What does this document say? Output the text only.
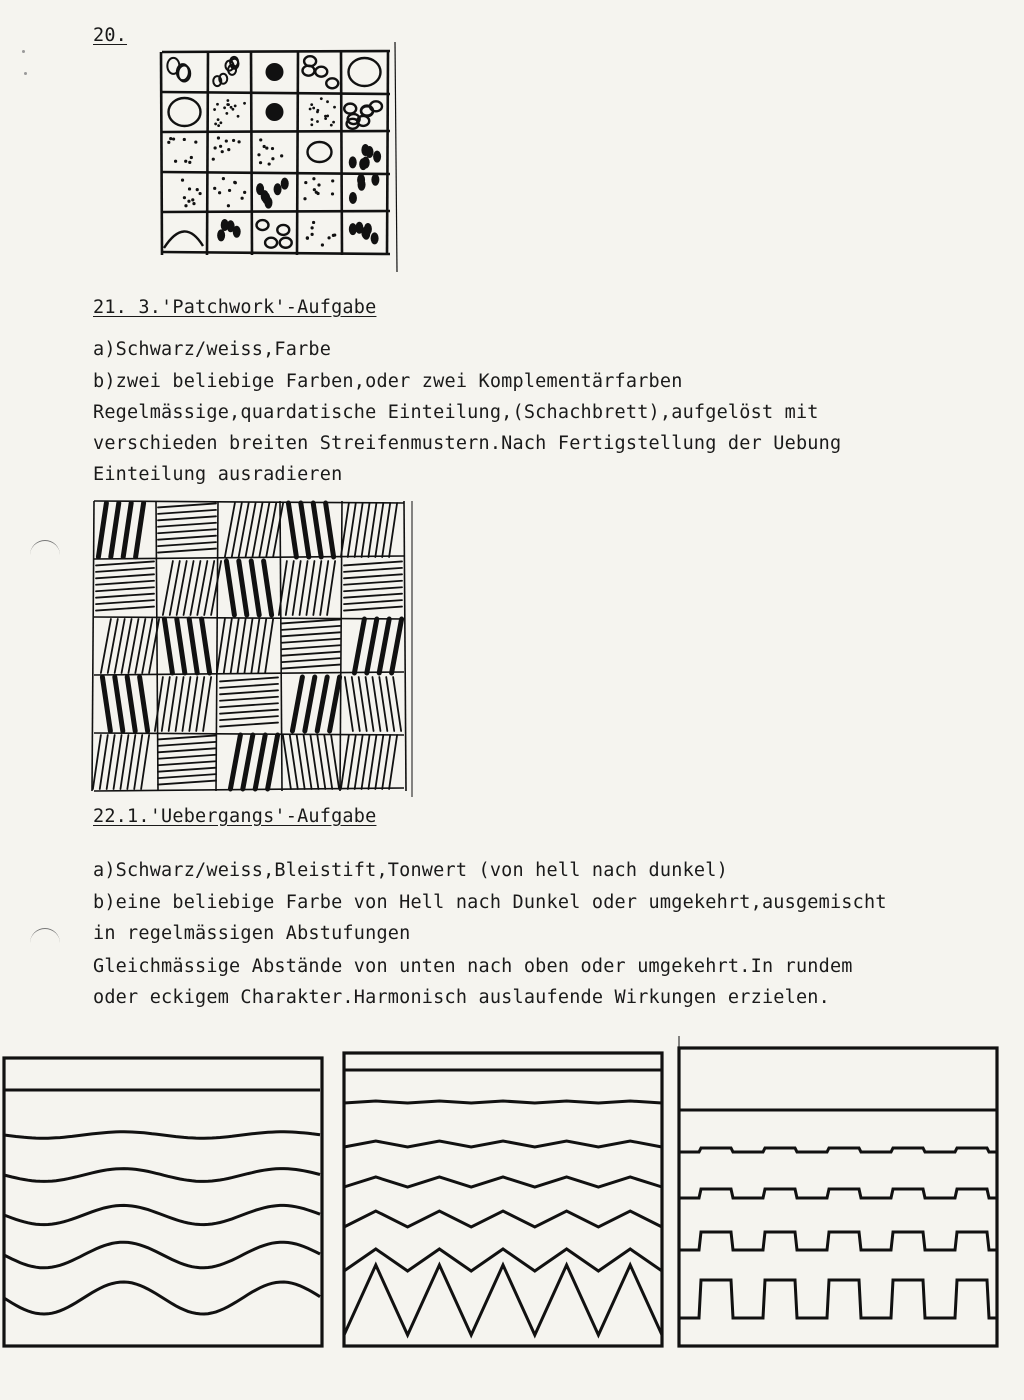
20.
21. 3.'Patchwork'-Aufgabe
a)Schwarz/weiss,Farbe
b)zwei beliebige Farben,oder zwei Komplementärfarben
Regelmässige,quardatische Einteilung,(Schachbrett),aufgelöst mit
verschieden breiten Streifenmustern.Nach Fertigstellung der Uebung
Einteilung ausradieren
22.1.'Uebergangs'-Aufgabe
a)Schwarz/weiss,Bleistift,Tonwert (von hell nach dunkel)
b)eine beliebige Farbe von Hell nach Dunkel oder umgekehrt,ausgemischt
in regelmässigen Abstufungen
Gleichmässige Abstände von unten nach oben oder umgekehrt.In rundem
oder eckigem Charakter.Harmonisch auslaufende Wirkungen erzielen.
